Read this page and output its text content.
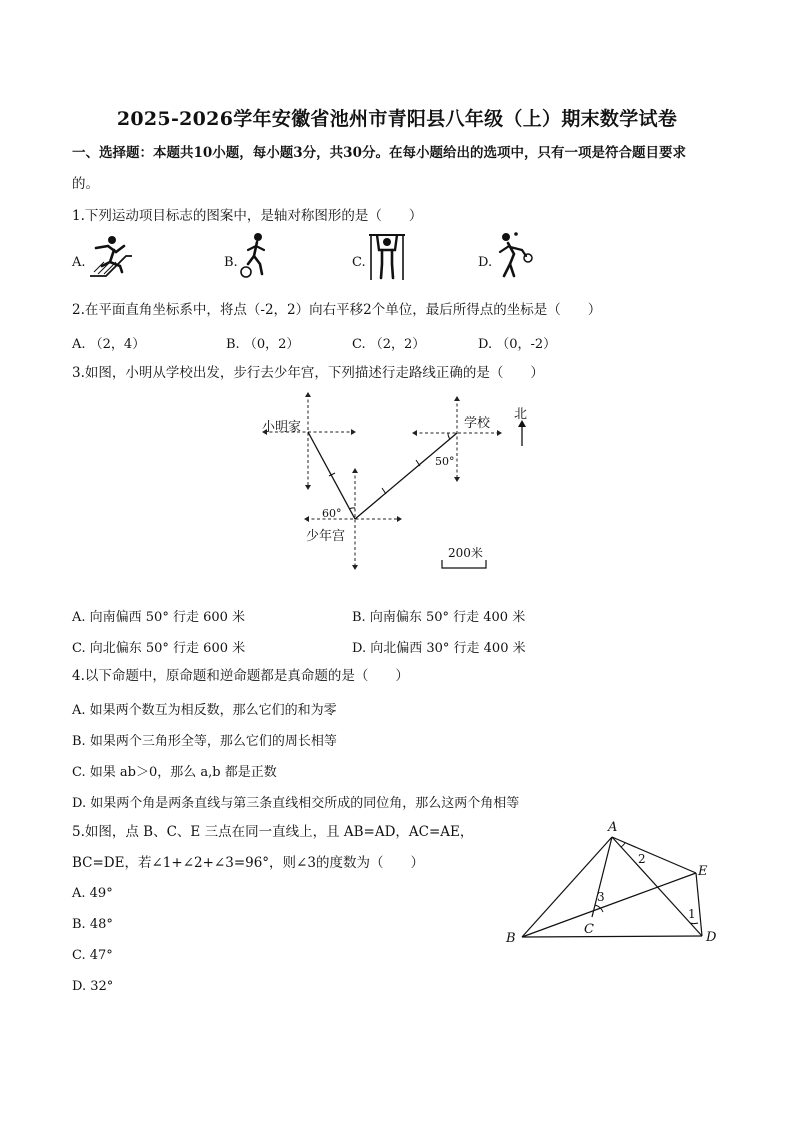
2025-2026学年安徽省池州市青阳县八年级（上）期末数学试卷
一、选择题：本题共10小题，每小题3分，共30分。在每小题给出的选项中，只有一项是符合题目要求
的。
1.下列运动项目标志的图案中，是轴对称图形的是（　　）
A.	B.	C.	D.
2.在平面直角坐标系中，将点（-2，2）向右平移2个单位，最后所得点的坐标是（　　）
A. （2，4）	B. （0，2）	C. （2，2）	D. （0，-2）
3.如图，小明从学校出发，步行去少年宫，下列描述行走路线正确的是（　　）
小明家	学校
北
50°
60°
少年宫
200米
A. 向南偏西 50° 行走 600 米	B. 向南偏东 50° 行走 400 米
C. 向北偏东 50° 行走 600 米	D. 向北偏西 30° 行走 400 米
4.以下命题中，原命题和逆命题都是真命题的是（　　）
A. 如果两个数互为相反数，那么它们的和为零
B. 如果两个三角形全等，那么它们的周长相等
C. 如果 ab＞0，那么 a,b 都是正数
D. 如果两个角是两条直线与第三条直线相交所成的同位角，那么这两个角相等
5.如图，点 B、C、E 三点在同一直线上，且 AB=AD，AC=AE，
BC=DE，若∠1+∠2+∠3=96°，则∠3的度数为（　　）
A. 49°
B. 48°
C. 47°
D. 32°
A
B
C
D
E
1
2
3
